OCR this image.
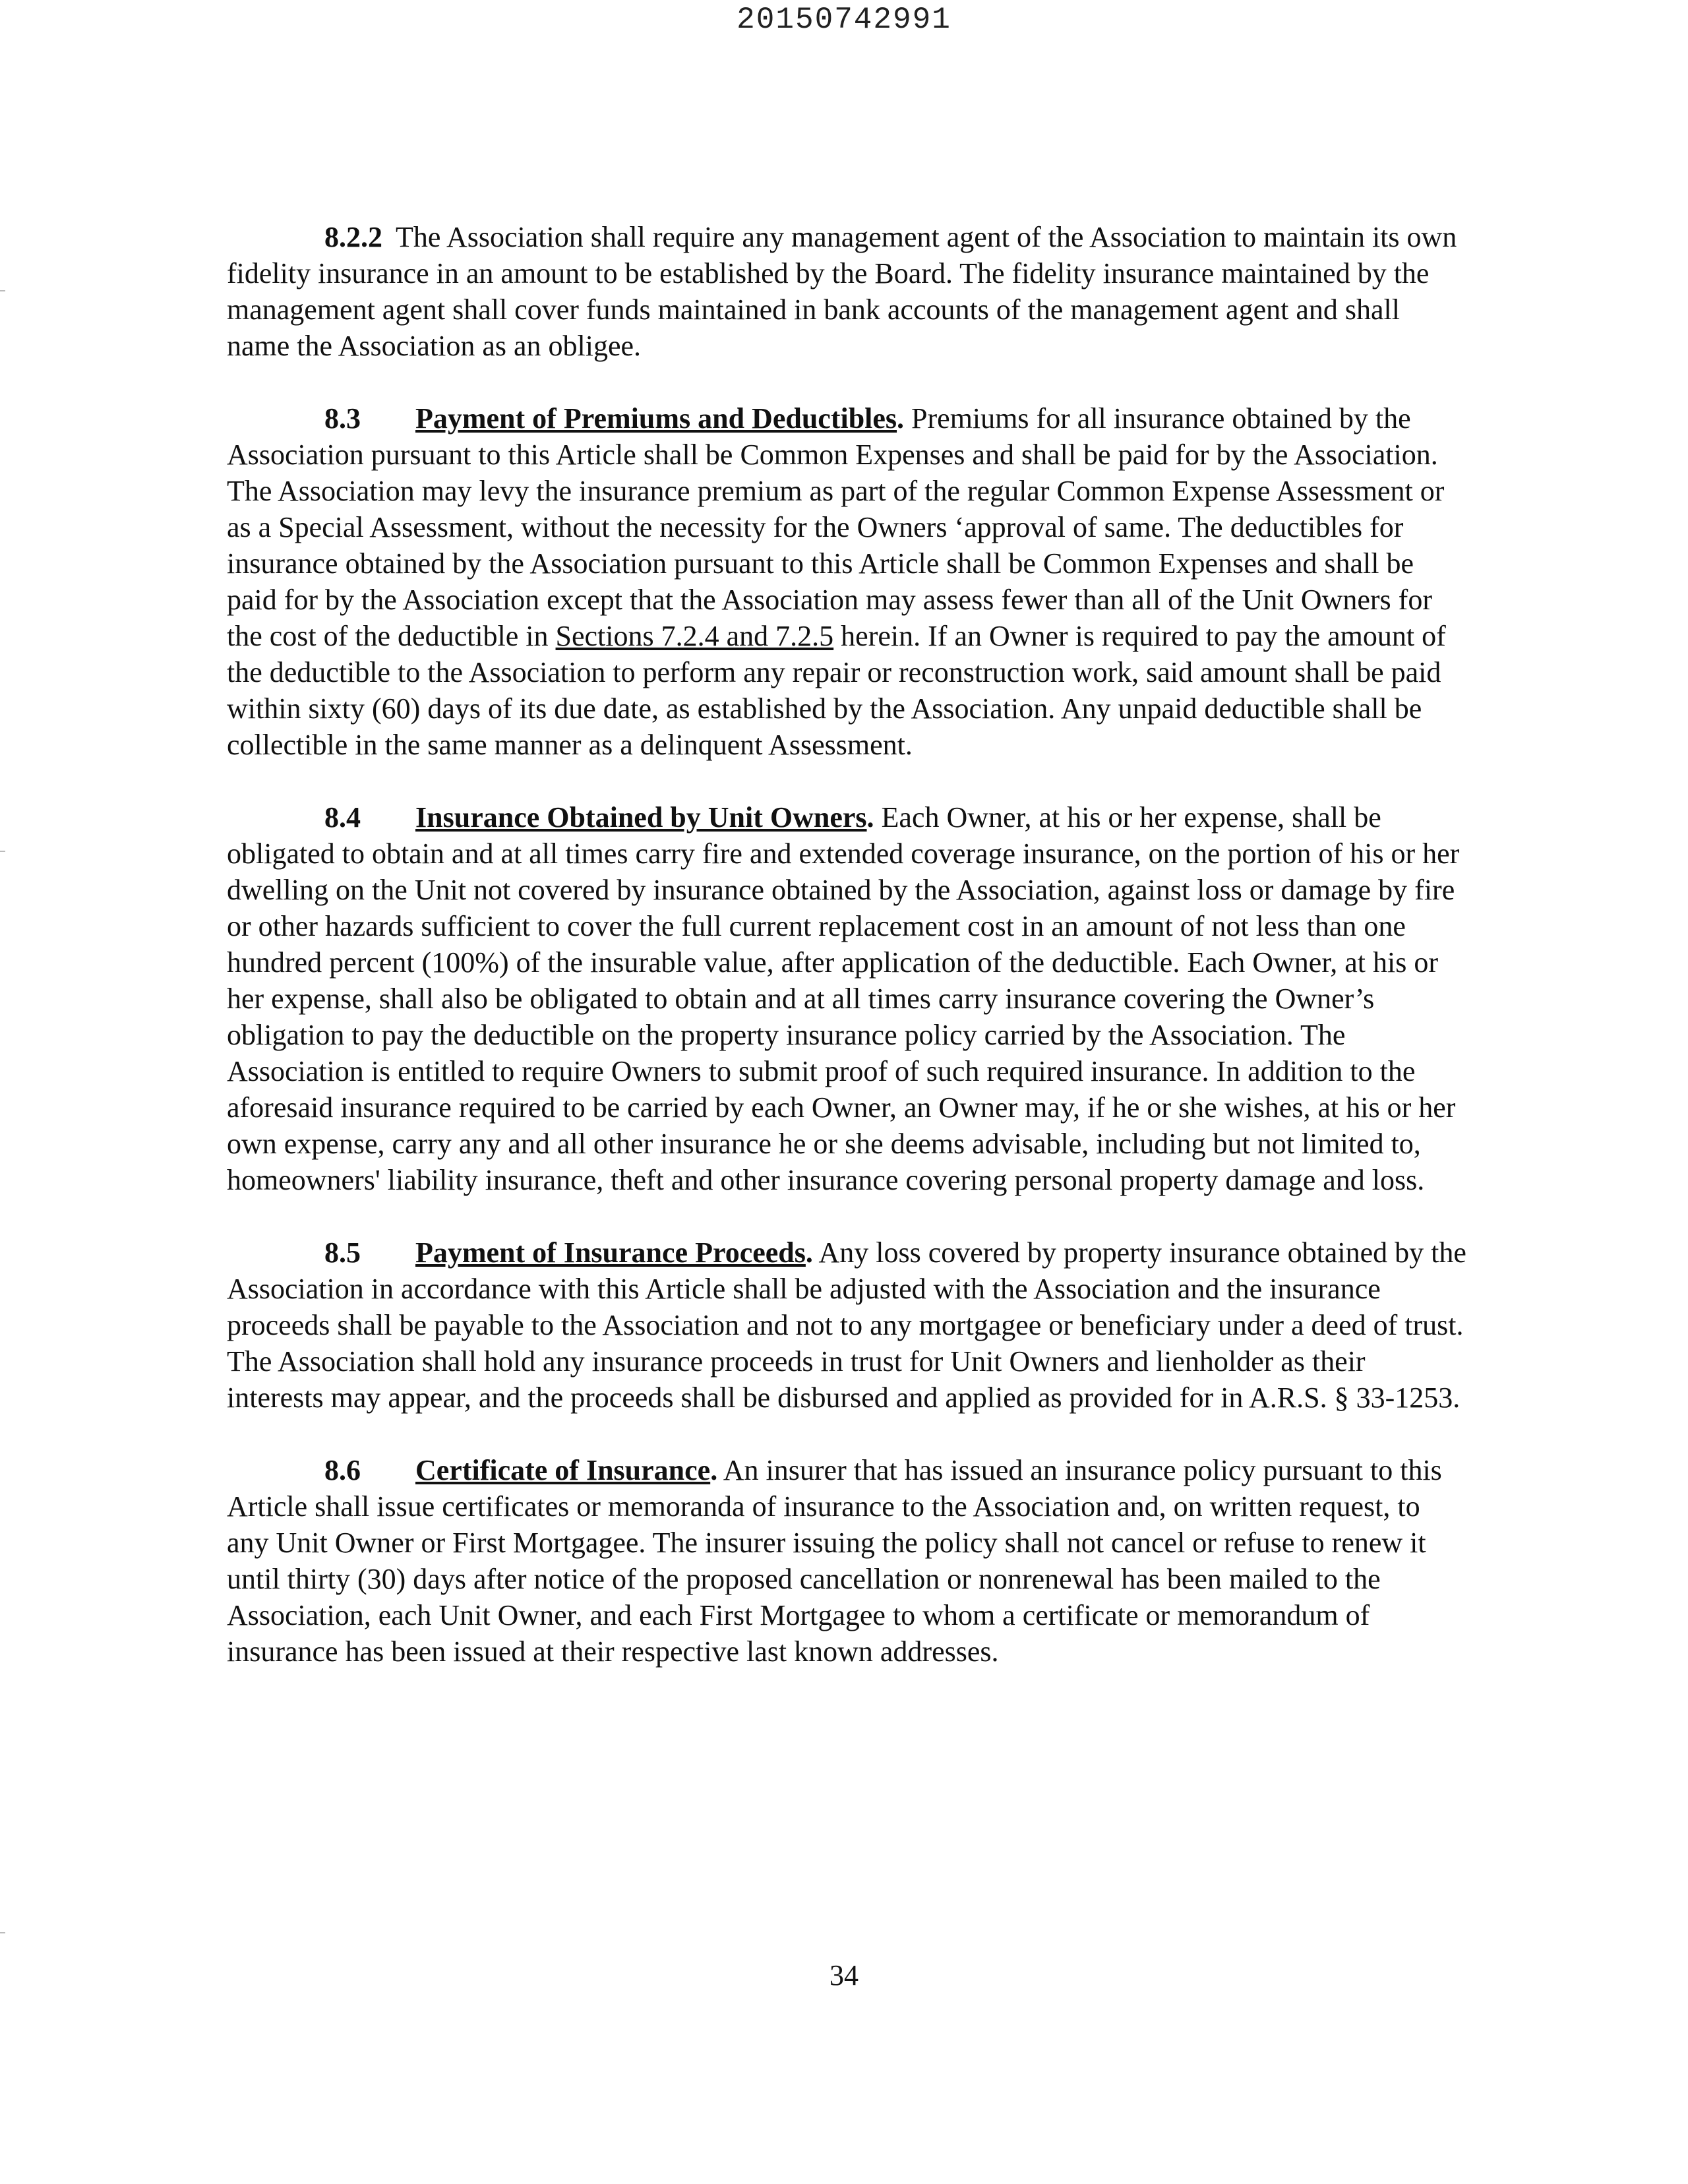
20150742991

8.2.2 The Association shall require any management agent of the Association to maintain its own fidelity insurance in an amount to be established by the Board. The fidelity insurance maintained by the management agent shall cover funds maintained in bank accounts of the management agent and shall name the Association as an obligee.

8.3 Payment of Premiums and Deductibles. Premiums for all insurance obtained by the Association pursuant to this Article shall be Common Expenses and shall be paid for by the Association. The Association may levy the insurance premium as part of the regular Common Expense Assessment or as a Special Assessment, without the necessity for the Owners ‘approval of same. The deductibles for insurance obtained by the Association pursuant to this Article shall be Common Expenses and shall be paid for by the Association except that the Association may assess fewer than all of the Unit Owners for the cost of the deductible in Sections 7.2.4 and 7.2.5 herein. If an Owner is required to pay the amount of the deductible to the Association to perform any repair or reconstruction work, said amount shall be paid within sixty (60) days of its due date, as established by the Association. Any unpaid deductible shall be collectible in the same manner as a delinquent Assessment.

8.4 Insurance Obtained by Unit Owners. Each Owner, at his or her expense, shall be obligated to obtain and at all times carry fire and extended coverage insurance, on the portion of his or her dwelling on the Unit not covered by insurance obtained by the Association, against loss or damage by fire or other hazards sufficient to cover the full current replacement cost in an amount of not less than one hundred percent (100%) of the insurable value, after application of the deductible. Each Owner, at his or her expense, shall also be obligated to obtain and at all times carry insurance covering the Owner’s obligation to pay the deductible on the property insurance policy carried by the Association. The Association is entitled to require Owners to submit proof of such required insurance. In addition to the aforesaid insurance required to be carried by each Owner, an Owner may, if he or she wishes, at his or her own expense, carry any and all other insurance he or she deems advisable, including but not limited to, homeowners' liability insurance, theft and other insurance covering personal property damage and loss.

8.5 Payment of Insurance Proceeds. Any loss covered by property insurance obtained by the Association in accordance with this Article shall be adjusted with the Association and the insurance proceeds shall be payable to the Association and not to any mortgagee or beneficiary under a deed of trust. The Association shall hold any insurance proceeds in trust for Unit Owners and lienholder as their interests may appear, and the proceeds shall be disbursed and applied as provided for in A.R.S. § 33-1253.

8.6 Certificate of Insurance. An insurer that has issued an insurance policy pursuant to this Article shall issue certificates or memoranda of insurance to the Association and, on written request, to any Unit Owner or First Mortgagee. The insurer issuing the policy shall not cancel or refuse to renew it until thirty (30) days after notice of the proposed cancellation or nonrenewal has been mailed to the Association, each Unit Owner, and each First Mortgagee to whom a certificate or memorandum of insurance has been issued at their respective last known addresses.

34
